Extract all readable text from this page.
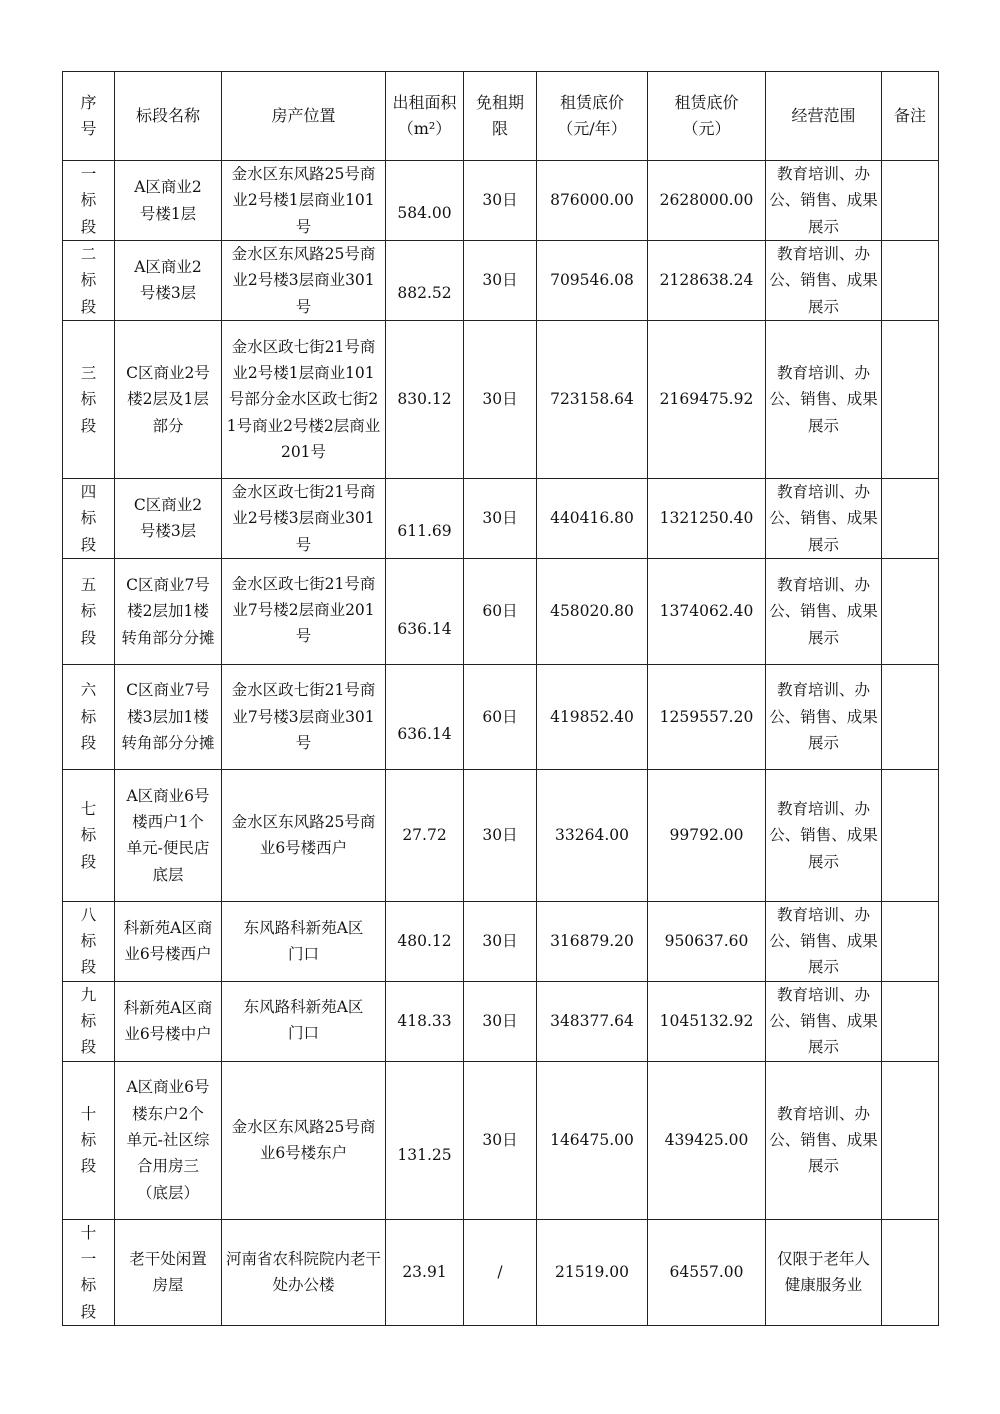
序号	标段名称	房产位置	出租面积（m²）	免租期限	租赁底价（元/年）	租赁底价（元）	经营范围	备注
一标段	A区商业2号楼1层	金水区东风路25号商业2号楼1层商业101号	584.00	30日	876000.00	2628000.00	教育培训、办公、销售、成果展示	
二标段	A区商业2号楼3层	金水区东风路25号商业2号楼3层商业301号	882.52	30日	709546.08	2128638.24	教育培训、办公、销售、成果展示	
三标段	C区商业2号楼2层及1层部分	金水区政七街21号商业2号楼1层商业101号部分金水区政七街21号商业2号楼2层商业201号	830.12	30日	723158.64	2169475.92	教育培训、办公、销售、成果展示	
四标段	C区商业2号楼3层	金水区政七街21号商业2号楼3层商业301号	611.69	30日	440416.80	1321250.40	教育培训、办公、销售、成果展示	
五标段	C区商业7号楼2层加1楼转角部分分摊	金水区政七街21号商业7号楼2层商业201号	636.14	60日	458020.80	1374062.40	教育培训、办公、销售、成果展示	
六标段	C区商业7号楼3层加1楼转角部分分摊	金水区政七街21号商业7号楼3层商业301号	636.14	60日	419852.40	1259557.20	教育培训、办公、销售、成果展示	
七标段	A区商业6号楼西户1个单元-便民店底层	金水区东风路25号商业6号楼西户	27.72	30日	33264.00	99792.00	教育培训、办公、销售、成果展示	
八标段	科新苑A区商业6号楼西户	东风路科新苑A区门口	480.12	30日	316879.20	950637.60	教育培训、办公、销售、成果展示	
九标段	科新苑A区商业6号楼中户	东风路科新苑A区门口	418.33	30日	348377.64	1045132.92	教育培训、办公、销售、成果展示	
十标段	A区商业6号楼东户2个单元-社区综合用房三（底层）	金水区东风路25号商业6号楼东户	131.25	30日	146475.00	439425.00	教育培训、办公、销售、成果展示	
十一标段	老干处闲置房屋	河南省农科院院内老干处办公楼	23.91	/	21519.00	64557.00	仅限于老年人健康服务业	
